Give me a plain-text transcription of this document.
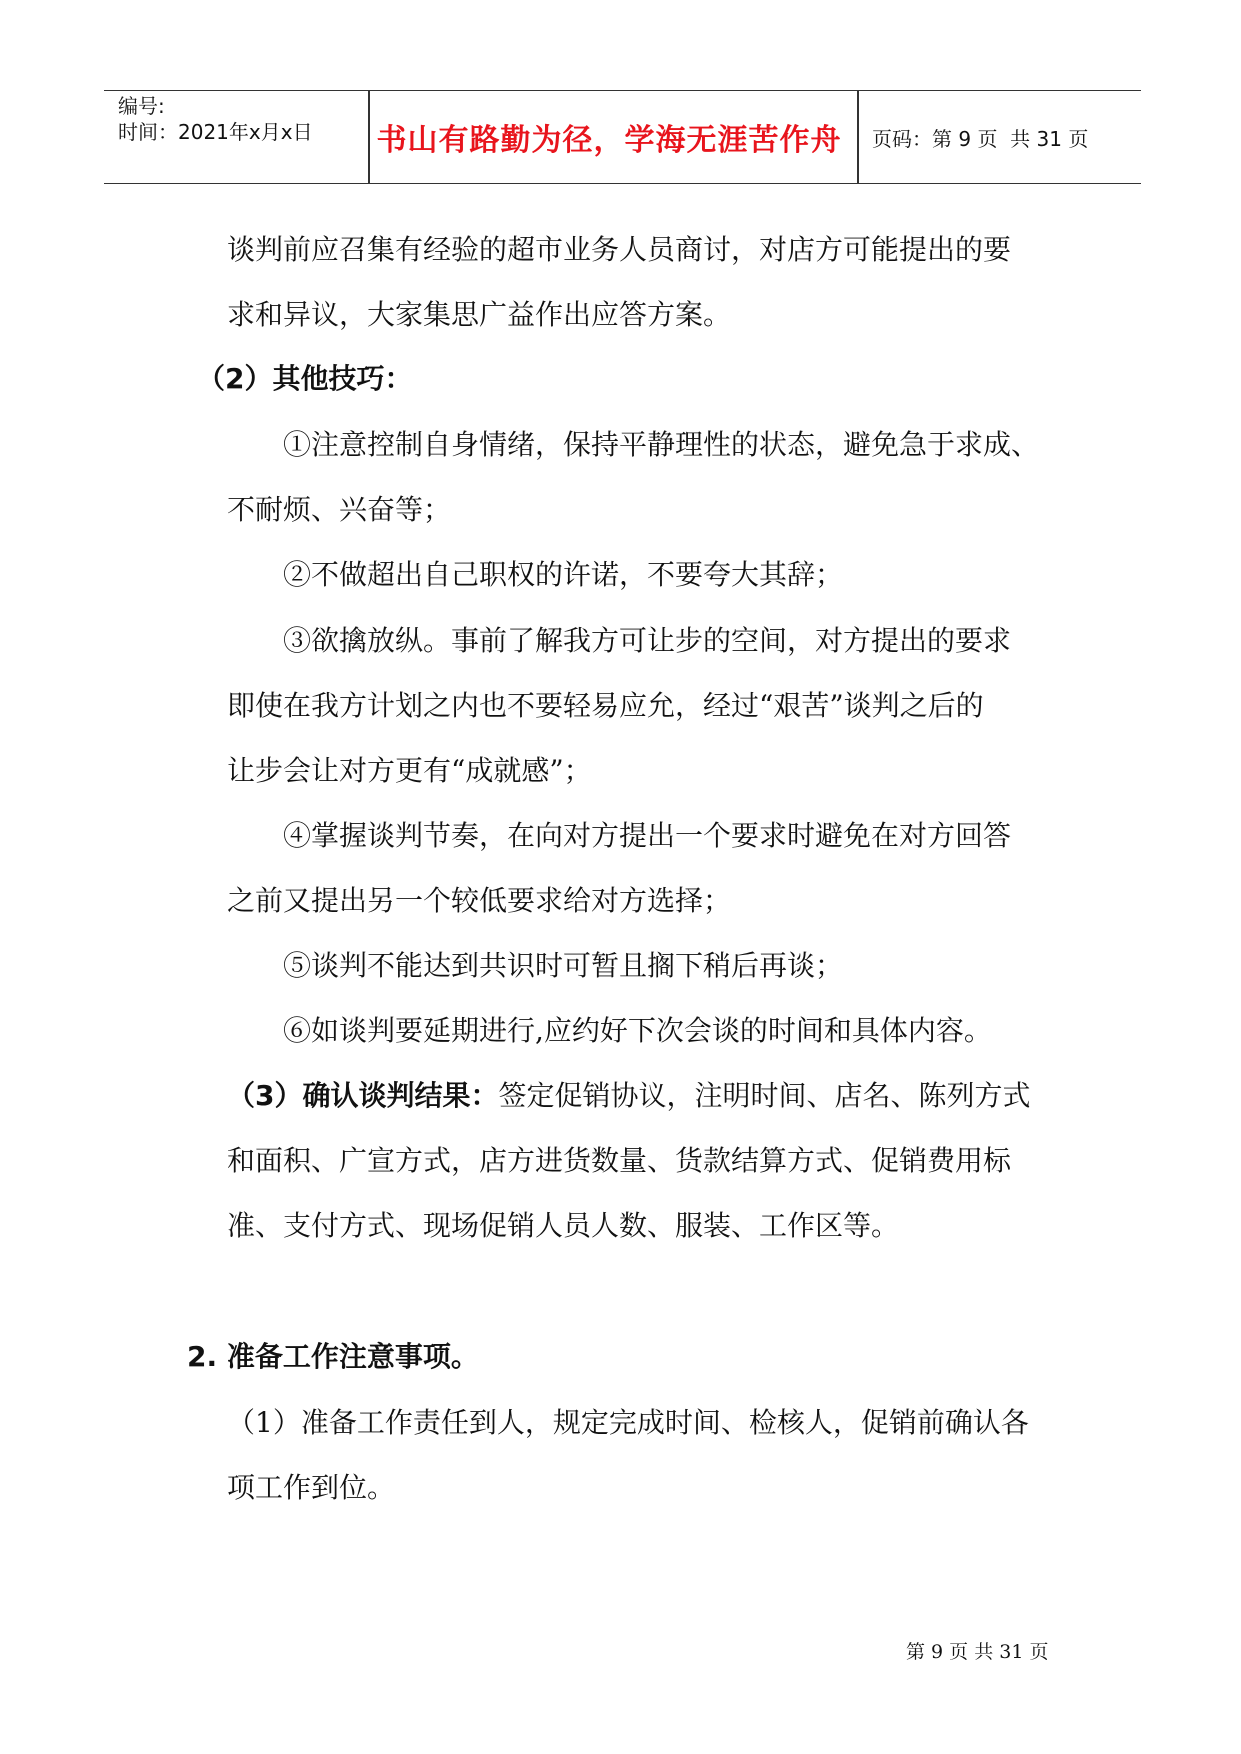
编号:
时间：2021年x月x日 书山有路勤为径，学海无涯苦作舟	页码：第 9 页  共 31 页
谈判前应召集有经验的超市业务人员商讨，对店方可能提出的要
求和异议，大家集思广益作出应答方案。
（2）其他技巧：
①注意控制自身情绪，保持平静理性的状态，避免急于求成、
不耐烦、兴奋等；
②不做超出自己职权的许诺，不要夸大其辞；
③欲擒放纵。事前了解我方可让步的空间，对方提出的要求
即使在我方计划之内也不要轻易应允，经过“艰苦”谈判之后的
让步会让对方更有“成就感”；
④掌握谈判节奏，在向对方提出一个要求时避免在对方回答
之前又提出另一个较低要求给对方选择；
⑤谈判不能达到共识时可暂且搁下稍后再谈；
⑥如谈判要延期进行,应约好下次会谈的时间和具体内容。
（3）确认谈判结果：签定促销协议，注明时间、店名、陈列方式
和面积、广宣方式，店方进货数量、货款结算方式、促销费用标
准、支付方式、现场促销人员人数、服装、工作区等。
2. 准备工作注意事项。
（1）准备工作责任到人，规定完成时间、检核人，促销前确认各
项工作到位。
第 9 页 共 31 页
